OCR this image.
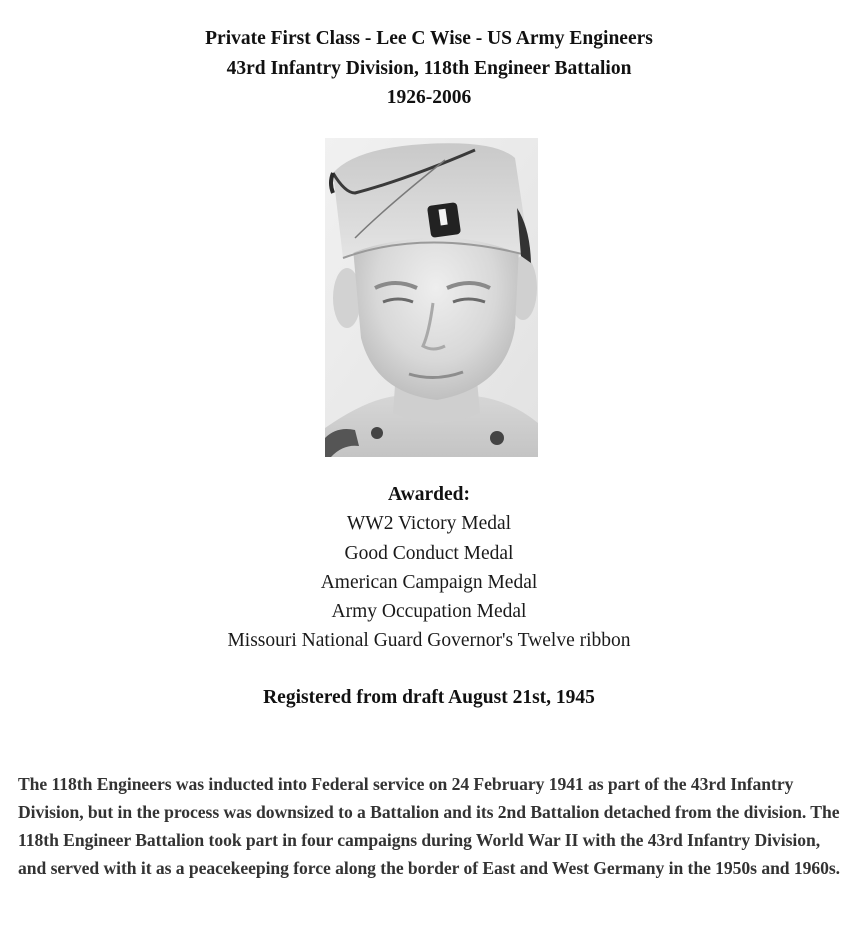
Private First Class - Lee C Wise - US Army Engineers
43rd Infantry Division, 118th Engineer Battalion
1926-2006
Awarded:
WW2 Victory Medal
Good Conduct Medal
American Campaign Medal
Army Occupation Medal
Missouri National Guard Governor's Twelve ribbon
Registered from draft August 21st, 1945

The 118th Engineers was inducted into Federal service on 24 February 1941 as part of the 43rd Infantry Division, but in the process was downsized to a Battalion and its 2nd Battalion detached from the division. The 118th Engineer Battalion took part in four campaigns during World War II with the 43rd Infantry Division, and served with it as a peacekeeping force along the border of East and West Germany in the 1950s and 1960s.
